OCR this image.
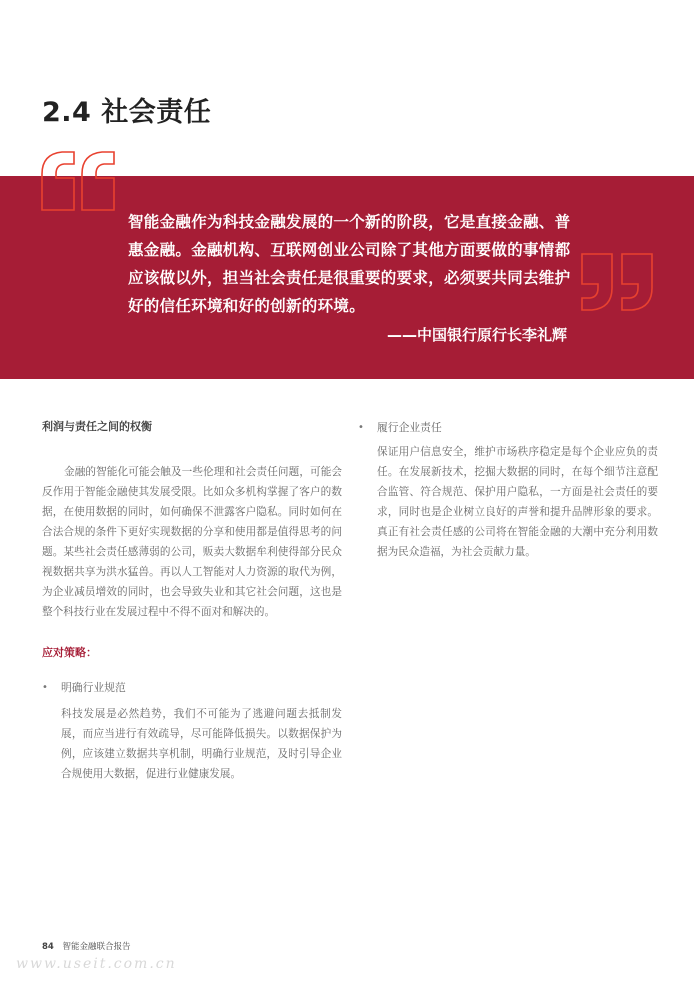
2.4 社会责任

智能金融作为科技金融发展的一个新的阶段，它是直接金融、普惠金融。金融机构、互联网创业公司除了其他方面要做的事情都应该做以外，担当社会责任是很重要的要求，必须要共同去维护好的信任环境和好的创新的环境。

——中国银行原行长李礼辉

利润与责任之间的权衡

金融的智能化可能会触及一些伦理和社会责任问题，可能会反作用于智能金融使其发展受限。比如众多机构掌握了客户的数据，在使用数据的同时，如何确保不泄露客户隐私。同时如何在合法合规的条件下更好实现数据的分享和使用都是值得思考的问题。某些社会责任感薄弱的公司，贩卖大数据牟利使得部分民众视数据共享为洪水猛兽。再以人工智能对人力资源的取代为例，为企业减员增效的同时，也会导致失业和其它社会问题，这也是整个科技行业在发展过程中不得不面对和解决的。

应对策略：

•	明确行业规范

科技发展是必然趋势，我们不可能为了逃避问题去抵制发展，而应当进行有效疏导，尽可能降低损失。以数据保护为例，应该建立数据共享机制，明确行业规范，及时引导企业合规使用大数据，促进行业健康发展。

•	履行企业责任

保证用户信息安全，维护市场秩序稳定是每个企业应负的责任。在发展新技术，挖掘大数据的同时，在每个细节注意配合监管、符合规范、保护用户隐私，一方面是社会责任的要求，同时也是企业树立良好的声誉和提升品牌形象的要求。真正有社会责任感的公司将在智能金融的大潮中充分利用数据为民众造福，为社会贡献力量。

84 智能金融联合报告
www.useit.com.cn
